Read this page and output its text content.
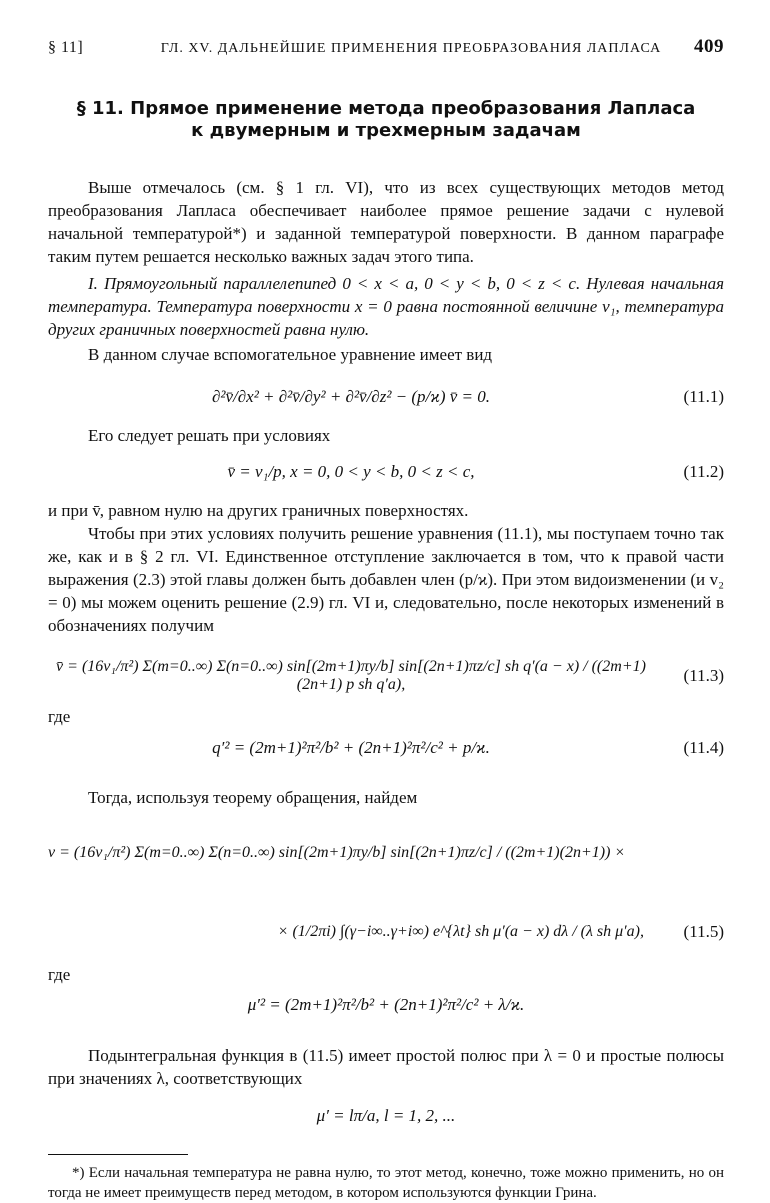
§ 11]	ГЛ. XV. ДАЛЬНЕЙШИЕ ПРИМЕНЕНИЯ ПРЕОБРАЗОВАНИЯ ЛАПЛАСА	409
§ 11. Прямое применение метода преобразования Лапласа
к двумерным и трехмерным задачам

Выше отмечалось (см. § 1 гл. VI), что из всех существующих методов метод преобразования Лапласа обеспечивает наиболее прямое решение задачи с нулевой начальной температурой*) и заданной температурой поверхности. В данном параграфе таким путем решается несколько важных задач этого типа.

I. Прямоугольный параллелепипед 0 < x < a, 0 < y < b, 0 < z < c. Нулевая начальная температура. Температура поверхности x = 0 равна постоянной величине v₁, температура других граничных поверхностей равна нулю.

В данном случае вспомогательное уравнение имеет вид

∂²v̄/∂x² + ∂²v̄/∂y² + ∂²v̄/∂z² − (p/ϰ) v̄ = 0.	(11.1)

Его следует решать при условиях

v̄ = v₁/p, x = 0, 0 < y < b, 0 < z < c,	(11.2)

и при v̄, равном нулю на других граничных поверхностях.

Чтобы при этих условиях получить решение уравнения (11.1), мы поступаем точно так же, как и в § 2 гл. VI. Единственное отступление заключается в том, что к правой части выражения (2.3) этой главы должен быть добавлен член (p/ϰ). При этом видоизменении (и v₂ = 0) мы можем оценить решение (2.9) гл. VI и, следовательно, после некоторых изменений в обозначениях получим

v̄ = (16v₁/π²) Σ(m=0..∞) Σ(n=0..∞) sin[(2m+1)πy/b] sin[(2n+1)πz/c] sh q′(a − x) / ((2m+1)(2n+1) p sh q′a),	(11.3)

где

q′² = (2m+1)²π²/b² + (2n+1)²π²/c² + p/ϰ.	(11.4)

Тогда, используя теорему обращения, найдем

v = (16v₁/π²) Σ(m=0..∞) Σ(n=0..∞) sin[(2m+1)πy/b] sin[(2n+1)πz/c] / ((2m+1)(2n+1)) ×
× (1/2πi) ∫(γ−i∞..γ+i∞) e^{λt} sh μ′(a − x) dλ / (λ sh μ′a),	(11.5)

где

μ′² = (2m+1)²π²/b² + (2n+1)²π²/c² + λ/ϰ.

Подынтегральная функция в (11.5) имеет простой полюс при λ = 0 и простые полюсы при значениях λ, соответствующих

μ′ = lπ/a, l = 1, 2, ...

*) Если начальная температура не равна нулю, то этот метод, конечно, тоже можно применить, но он тогда не имеет преимуществ перед методом, в котором используются функции Грина.
